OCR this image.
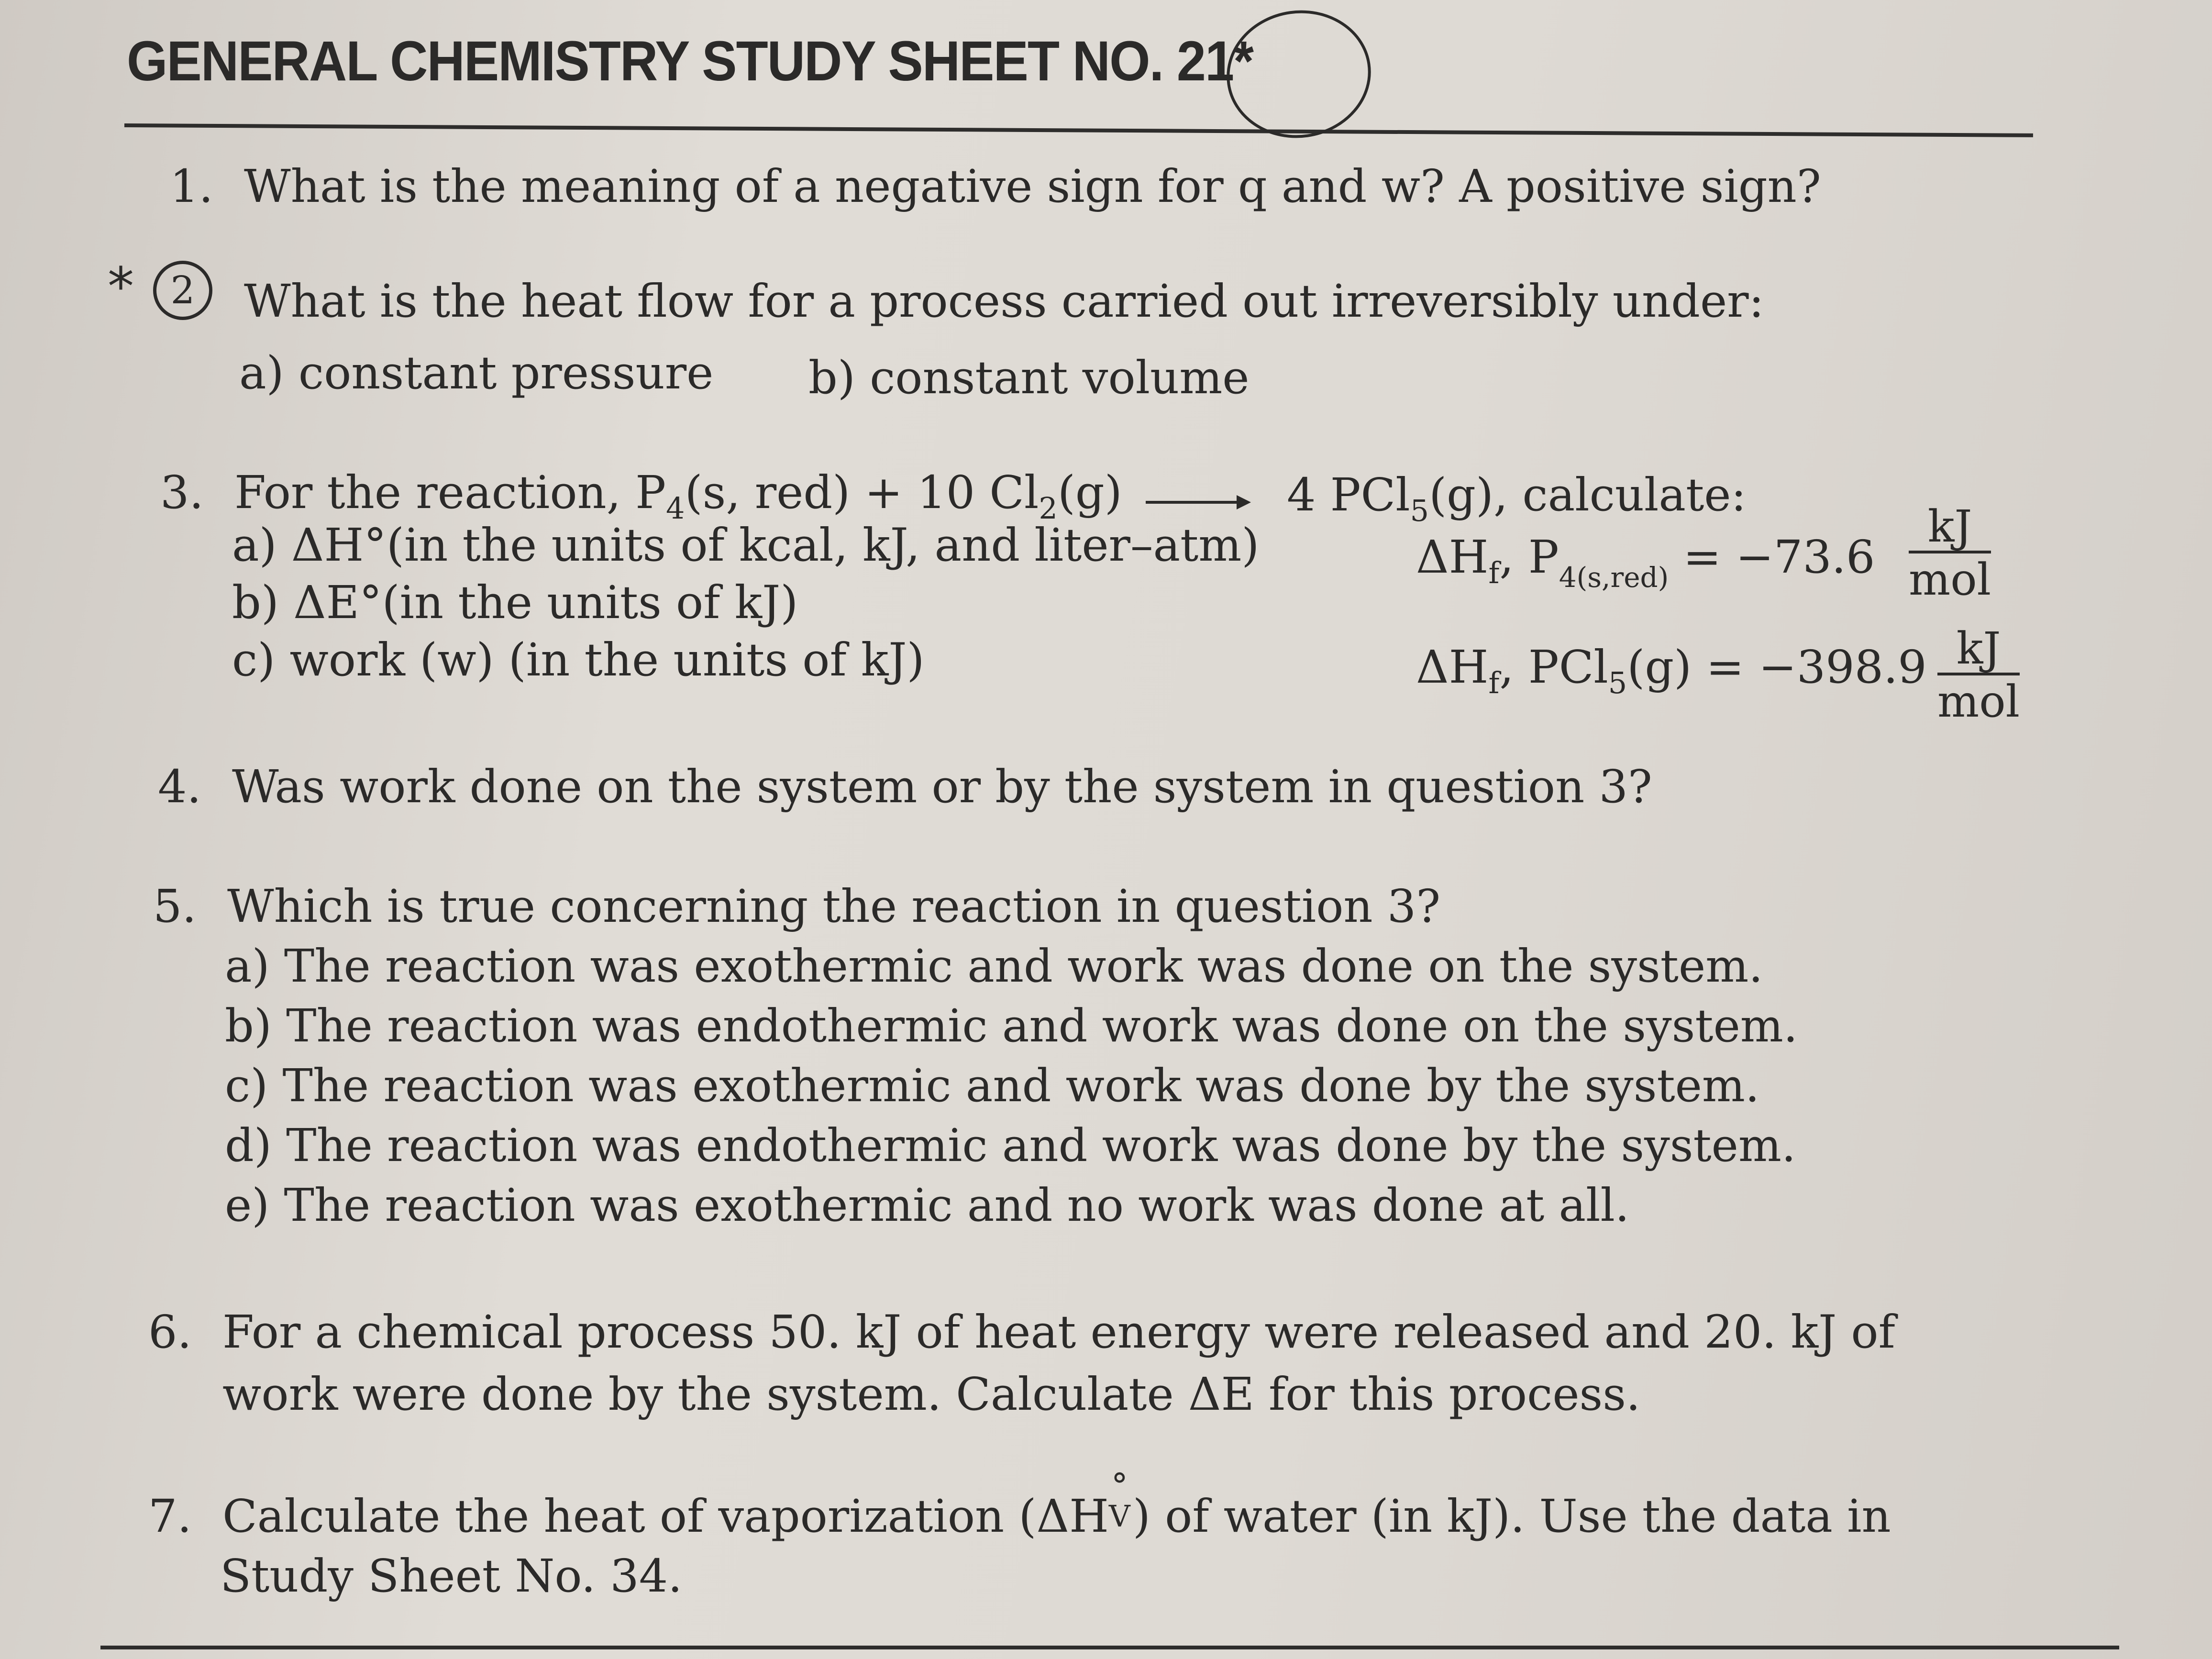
GENERAL CHEMISTRY STUDY SHEET NO. 21*
1. What is the meaning of a negative sign for q and w? A positive sign?
* 2	What is the heat flow for a process carried out irreversibly under:
a) constant pressure b) constant volume
3. For the reaction, $P_4(s$, red) + 10 $Cl_2(g)$	4 PCl$_5$(g), calculate:
a) ΔH°(in the units of kcal, kJ, and liter–atm)
b) ΔE°(in the units of kJ)
c) work (w) (in the units of kJ)
$\Delta H_f$, $P_{4(s,red)} = -73.6$
kJ
mol
$\Delta H_f$, PCl$_5$(g) = −398.9 kJ
mol
4. Was work done on the system or by the system in question 3?
5. Which is true concerning the reaction in question 3?
a) The reaction was exothermic and work was done on the system.
b) The reaction was endothermic and work was done on the system.
c) The reaction was exothermic and work was done by the system.
d) The reaction was endothermic and work was done by the system.
e) The reaction was exothermic and no work was done at all.
6. For a chemical process 50. kJ of heat energy were released and 20. kJ of
work were done by the system. Calculate ΔE for this process.
7. Calculate the heat of vaporization (ΔH
°
V ) of water (in kJ). Use the data in
Study Sheet No. 34.
